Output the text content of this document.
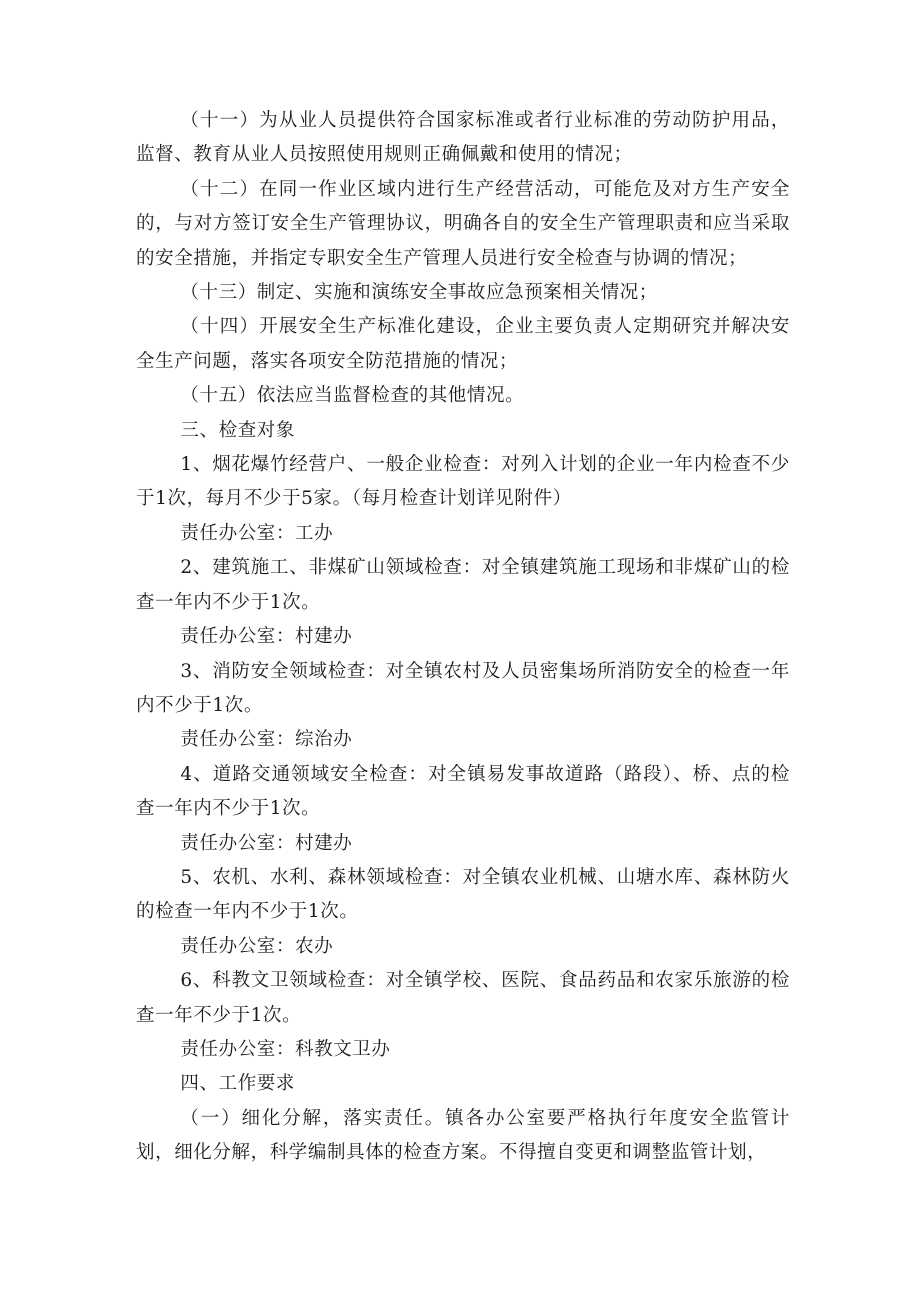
（十一）为从业人员提供符合国家标准或者行业标准的劳动防护用品，监督、教育从业人员按照使用规则正确佩戴和使用的情况；

（十二）在同一作业区域内进行生产经营活动，可能危及对方生产安全的，与对方签订安全生产管理协议，明确各自的安全生产管理职责和应当采取的安全措施，并指定专职安全生产管理人员进行安全检查与协调的情况；

（十三）制定、实施和演练安全事故应急预案相关情况；

（十四）开展安全生产标准化建设，企业主要负责人定期研究并解决安全生产问题，落实各项安全防范措施的情况；

（十五）依法应当监督检查的其他情况。

三、检查对象

1、烟花爆竹经营户、一般企业检查：对列入计划的企业一年内检查不少于1次，每月不少于5家。（每月检查计划详见附件）

责任办公室：工办

2、建筑施工、非煤矿山领域检查：对全镇建筑施工现场和非煤矿山的检查一年内不少于1次。

责任办公室：村建办

3、消防安全领域检查：对全镇农村及人员密集场所消防安全的检查一年内不少于1次。

责任办公室：综治办

4、道路交通领域安全检查：对全镇易发事故道路（路段）、桥、点的检查一年内不少于1次。

责任办公室：村建办

5、农机、水利、森林领域检查：对全镇农业机械、山塘水库、森林防火的检查一年内不少于1次。

责任办公室：农办

6、科教文卫领域检查：对全镇学校、医院、食品药品和农家乐旅游的检查一年不少于1次。

责任办公室：科教文卫办

四、工作要求

（一）细化分解，落实责任。镇各办公室要严格执行年度安全监管计划，细化分解，科学编制具体的检查方案。不得擅自变更和调整监管计划，
